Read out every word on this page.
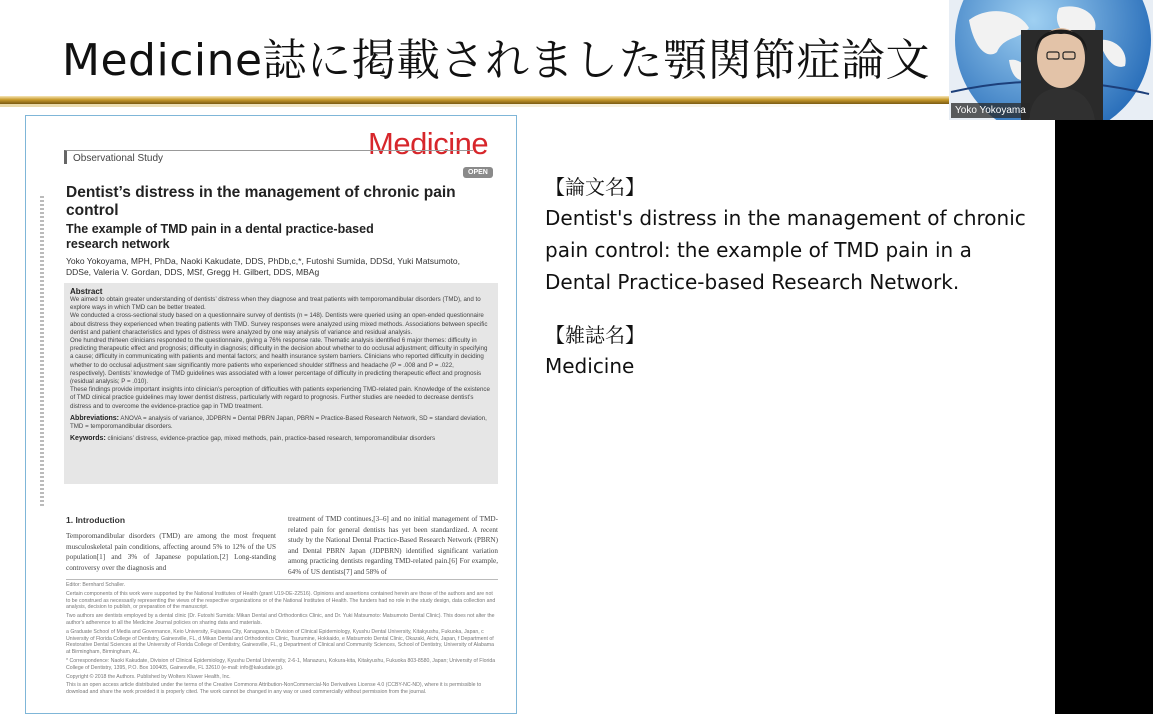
Medicine誌に掲載されました顎関節症論文
Yoko Yokoyama
Medicine
Observational Study
OPEN
Dentist’s distress in the management of chronic pain control
The example of TMD pain in a dental practice-based research network
Yoko Yokoyama, MPH, PhDa, Naoki Kakudate, DDS, PhDb,c,*, Futoshi Sumida, DDSd, Yuki Matsumoto, DDSe, Valeria V. Gordan, DDS, MSf, Gregg H. Gilbert, DDS, MBAg
Abstract

We aimed to obtain greater understanding of dentists’ distress when they diagnose and treat patients with temporomandibular disorders (TMD), and to explore ways in which TMD can be better treated.

We conducted a cross-sectional study based on a questionnaire survey of dentists (n = 148). Dentists were queried using an open-ended questionnaire about distress they experienced when treating patients with TMD. Survey responses were analyzed using mixed methods. Associations between specific dentist and patient characteristics and types of distress were analyzed by one way analysis of variance and residual analysis.

One hundred thirteen clinicians responded to the questionnaire, giving a 76% response rate. Thematic analysis identified 6 major themes: difficulty in predicting therapeutic effect and prognosis; difficulty in diagnosis; difficulty in the decision about whether to do occlusal adjustment; difficulty in specifying a cause; difficulty in communicating with patients and mental factors; and health insurance system barriers. Clinicians who reported difficulty in deciding whether to do occlusal adjustment saw significantly more patients who experienced shoulder stiffness and headache (P = .008 and P = .022, respectively). Dentists’ knowledge of TMD guidelines was associated with a lower percentage of difficulty in predicting therapeutic effect and prognosis (residual analysis; P = .010).

These findings provide important insights into clinician’s perception of difficulties with patients experiencing TMD-related pain. Knowledge of the existence of TMD clinical practice guidelines may lower dentist distress, particularly with regard to prognosis. Further studies are needed to decrease dentist’s distress and to overcome the evidence-practice gap in TMD treatment.

Abbreviations: ANOVA = analysis of variance, JDPBRN = Dental PBRN Japan, PBRN = Practice-Based Research Network, SD = standard deviation, TMD = temporomandibular disorders.
Keywords: clinicians’ distress, evidence-practice gap, mixed methods, pain, practice-based research, temporomandibular disorders
1. Introduction
Temporomandibular disorders (TMD) are among the most frequent musculoskeletal pain conditions, affecting around 5% to 12% of the US population[1] and 3% of Japanese population.[2] Long-standing controversy over the diagnosis and
treatment of TMD continues,[3–6] and no initial management of TMD-related pain for general dentists has yet been standardized. A recent study by the National Dental Practice-Based Research Network (PBRN) and Dental PBRN Japan (JDPBRN) identified significant variation among practicing dentists regarding TMD-related pain.[6] For example, 64% of US dentists[7] and 58% of

Editor: Bernhard Schaller.

Certain components of this work were supported by the National Institutes of Health (grant U19-DE-22516). Opinions and assertions contained herein are those of the authors and are not to be construed as necessarily representing the views of the respective organizations or of the National Institutes of Health. The funders had no role in the study design, data collection and analysis, decision to publish, or preparation of the manuscript.

Two authors are dentists employed by a dental clinic (Dr. Futoshi Sumida: Mikan Dental and Orthodontics Clinic, and Dr. Yuki Matsumoto: Matsumoto Dental Clinic). This does not alter the author's adherence to all the Medicine Journal policies on sharing data and materials.

a Graduate School of Media and Governance, Keio University, Fujisawa City, Kanagawa, b Division of Clinical Epidemiology, Kyushu Dental University, Kitakyushu, Fukuoka, Japan, c University of Florida College of Dentistry, Gainesville, FL, d Mikan Dental and Orthodontics Clinic, Tsurumine, Hokkaido, e Matsumoto Dental Clinic, Okazaki, Aichi, Japan, f Department of Restorative Dental Sciences at the University of Florida College of Dentistry, Gainesville, FL, g Department of Clinical and Community Sciences, School of Dentistry, University of Alabama at Birmingham, Birmingham, AL.

* Correspondence: Naoki Kakudate, Division of Clinical Epidemiology, Kyushu Dental University, 2-6-1, Manazuru, Kokura-kita, Kitakyushu, Fukuoka 803-8580, Japan; University of Florida College of Dentistry, 1395, P.O. Box 100405, Gainesville, FL 32610 (e-mail: info@kakudate.jp).

Copyright © 2018 the Authors. Published by Wolters Kluwer Health, Inc.

This is an open access article distributed under the terms of the Creative Commons Attribution-NonCommercial-No Derivatives License 4.0 (CCBY-NC-ND), where it is permissible to download and share the work provided it is properly cited. The work cannot be changed in any way or used commercially without permission from the journal.

【論文名】
Dentist's distress in the management of chronic pain control: the example of TMD pain in a Dental Practice-based Research Network.
【雑誌名】
Medicine
